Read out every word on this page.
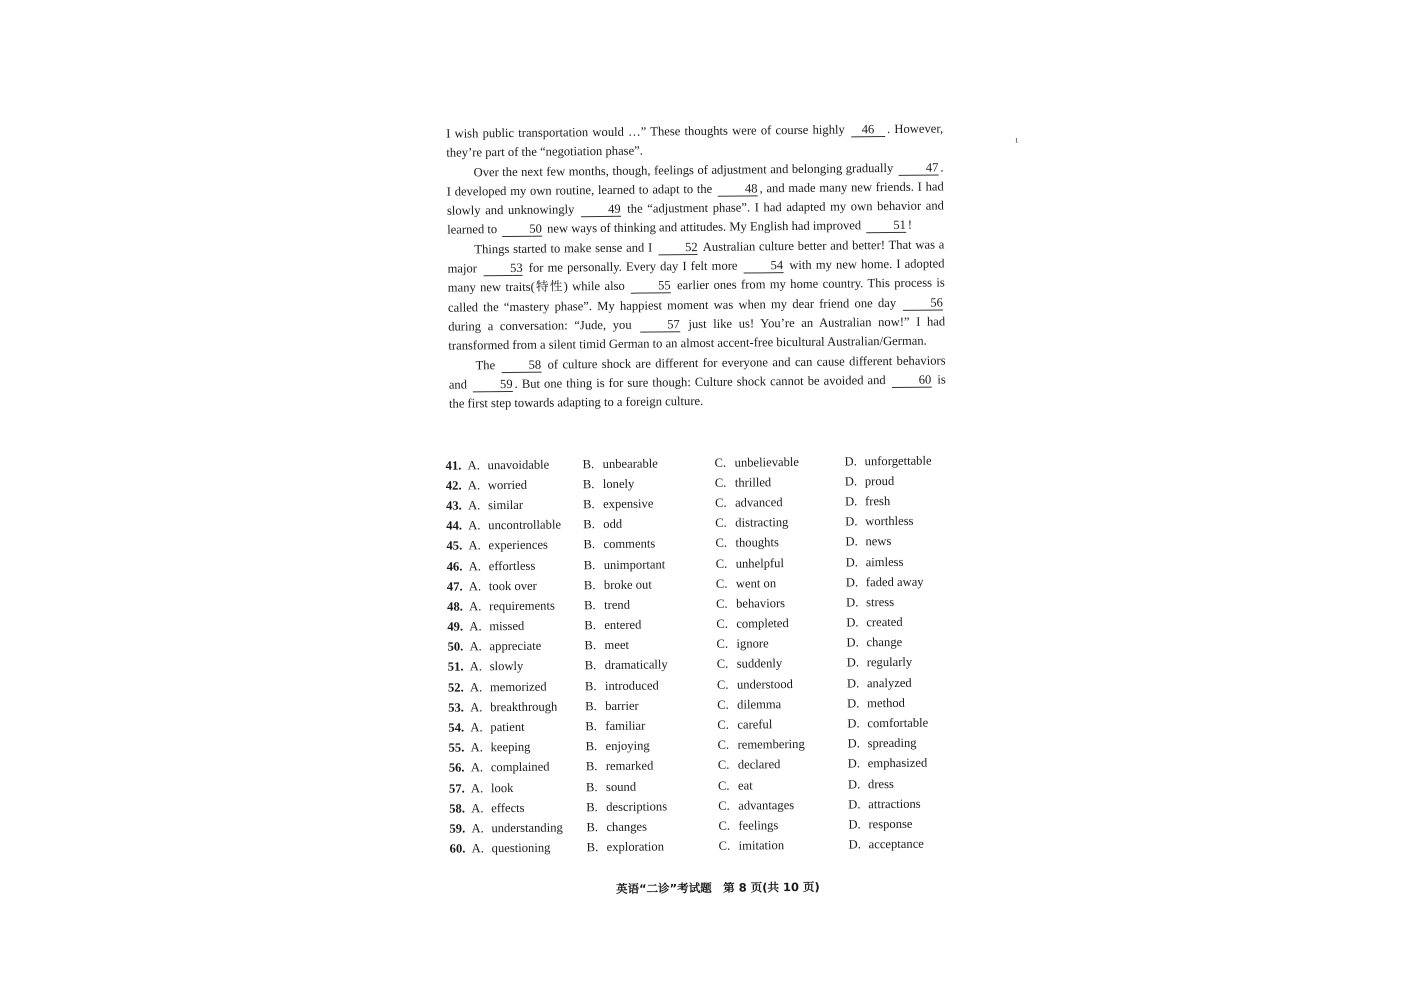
I wish public transportation would …” These thoughts were of course highly 46 . However, they’re part of the “negotiation phase”.

Over the next few months, though, feelings of adjustment and belonging gradually	47 . I developed my own routine, learned to adapt to the	48 , and made many new friends. I had slowly and unknowingly	49 the “adjustment phase”. I had adapted my own behavior and learned to	50 new ways of thinking and attitudes. My English had improved	51 !

Things started to make sense and I	52 Australian culture better and better! That was a major	53 for me personally. Every day I felt more	54 with my new home. I adopted many new traits(特性) while also	55 earlier ones from my home country. This process is called the “mastery phase”. My happiest moment was when my dear friend one day	56 during a conversation: “Jude, you	57 just like us! You’re an Australian now!” I had transformed from a silent timid German to an almost accent-free bicultural Australian/German.

The	58 of culture shock are different for everyone and can cause different behaviors and	59 . But one thing is for sure though: Culture shock cannot be avoided and	60 is the first step towards adapting to a foreign culture.

41. A. unavoidable	B. unbearable	C. unbelievable	D. unforgettable
42. A. worried	B. lonely	C. thrilled	D. proud
43. A. similar	B. expensive	C. advanced	D. fresh
44. A. uncontrollable B. odd	C. distracting	D. worthless
45. A. experiences	B. comments	C. thoughts	D. news
46. A. effortless	B. unimportant	C. unhelpful	D. aimless
47. A. took over	B. broke out	C. went on	D. faded away
48. A. requirements B. trend	C. behaviors	D. stress
49. A. missed	B. entered	C. completed	D. created
50. A. appreciate	B. meet	C. ignore	D. change
51. A. slowly	B. dramatically	C. suddenly	D. regularly
52. A. memorized	B. introduced	C. understood	D. analyzed
53. A. breakthrough B. barrier	C. dilemma	D. method
54. A. patient	B. familiar	C. careful	D. comfortable
55. A. keeping	B. enjoying	C. remembering	D. spreading
56. A. complained	B. remarked	C. declared	D. emphasized
57. A. look	B. sound	C. eat	D. dress
58. A. effects	B. descriptions	C. advantages	D. attractions
59. A. understanding B. changes	C. feelings	D. response
60. A. questioning	B. exploration	C. imitation	D. acceptance
英语“二诊”考试题　第 8 页(共 10 页)
ı
